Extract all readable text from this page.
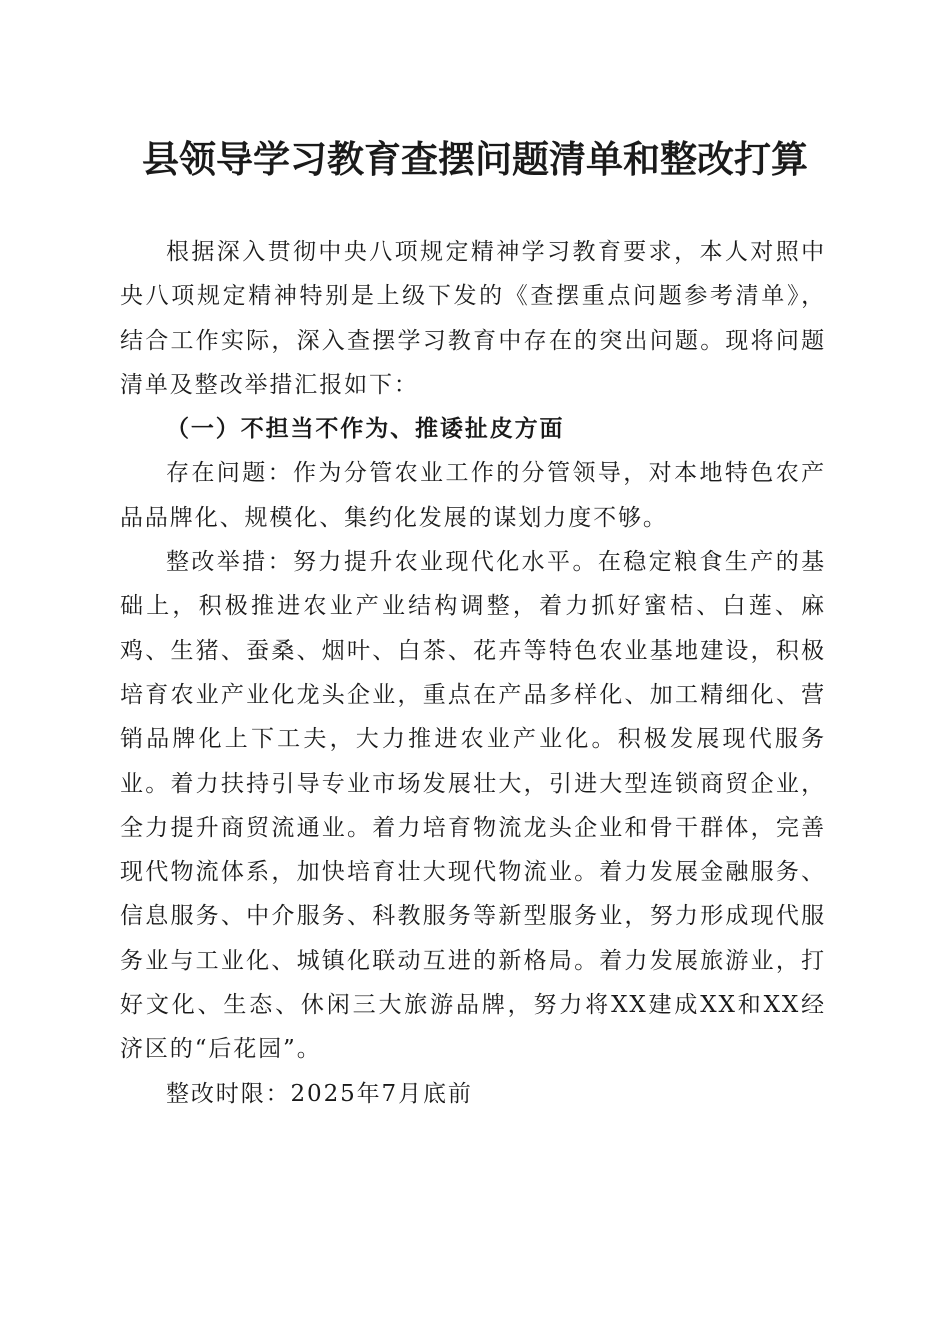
县领导学习教育查摆问题清单和整改打算

根据深入贯彻中央八项规定精神学习教育要求，本人对照中央八项规定精神特别是上级下发的《查摆重点问题参考清单》，结合工作实际，深入查摆学习教育中存在的突出问题。现将问题清单及整改举措汇报如下：

（一）不担当不作为、推诿扯皮方面

存在问题：作为分管农业工作的分管领导，对本地特色农产品品牌化、规模化、集约化发展的谋划力度不够。

整改举措：努力提升农业现代化水平。在稳定粮食生产的基础上，积极推进农业产业结构调整，着力抓好蜜桔、白莲、麻鸡、生猪、蚕桑、烟叶、白茶、花卉等特色农业基地建设，积极培育农业产业化龙头企业，重点在产品多样化、加工精细化、营销品牌化上下工夫，大力推进农业产业化。积极发展现代服务业。着力扶持引导专业市场发展壮大，引进大型连锁商贸企业，全力提升商贸流通业。着力培育物流龙头企业和骨干群体，完善现代物流体系，加快培育壮大现代物流业。着力发展金融服务、信息服务、中介服务、科教服务等新型服务业，努力形成现代服务业与工业化、城镇化联动互进的新格局。着力发展旅游业，打好文化、生态、休闲三大旅游品牌，努力将XX建成XX和XX经济区的“后花园”。

整改时限：2025年7月底前
